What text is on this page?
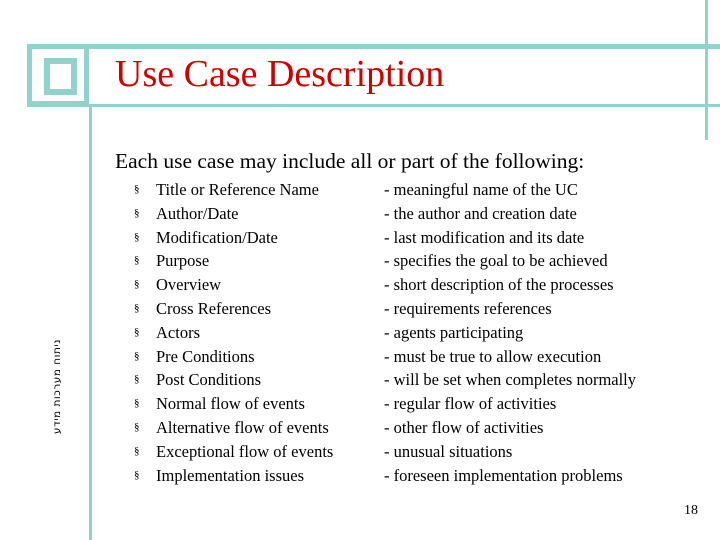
Use Case Description

Each use case may include all or part of the following:

§ Title or Reference Name
§ Author/Date
§ Modification/Date
§ Purpose
§ Overview
§ Cross References
§ Actors
§ Pre Conditions
§ Post Conditions
§ Normal flow of events
§ Alternative flow of events
§ Exceptional flow of events
§ Implementation issues
- meaningful name of the UC
- the author and creation date
- last modification and its date
- specifies the goal to be achieved
- short description of the processes
- requirements references
- agents participating
- must be true to allow execution
- will be set when completes normally
- regular flow of activities
- other flow of activities
- unusual situations
- foreseen implementation problems
ניתוח מערכות מידע
18
